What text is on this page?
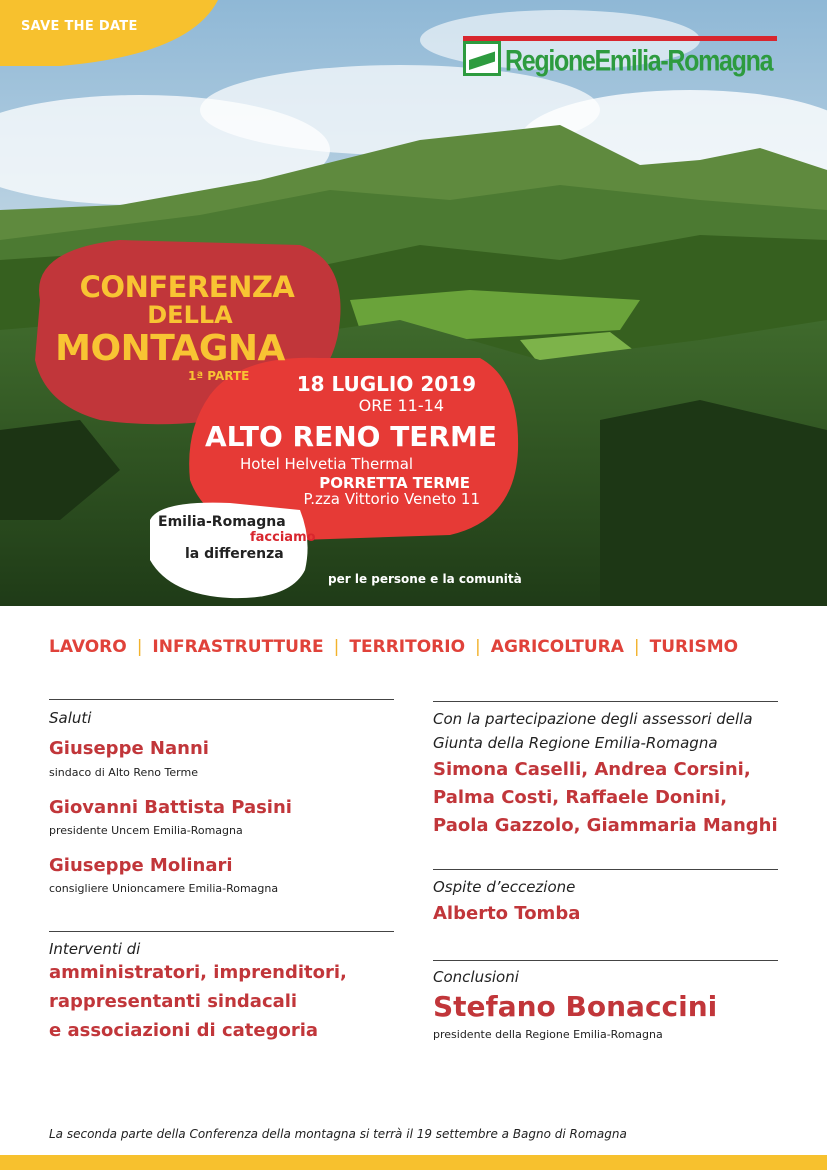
SAVE THE DATE
RegioneEmilia-Romagna
CONFERENZA
DELLA
MONTAGNA
1ª PARTE	18 LUGLIO 2019
ORE 11-14
ALTO RENO TERME
Hotel Helvetia Thermal
PORRETTA TERME
P.zza Vittorio Veneto 11
Emilia-Romagna
facciamo
la differenza
per le persone e la comunità
LAVORO | INFRASTRUTTURE | TERRITORIO | AGRICOLTURA | TURISMO
Saluti
Giuseppe Nanni
sindaco di Alto Reno Terme
Giovanni Battista Pasini
presidente Uncem Emilia-Romagna
Giuseppe Molinari
consigliere Unioncamere Emilia-Romagna
Interventi di
amministratori, imprenditori,
rappresentanti sindacali
e associazioni di categoria
Con la partecipazione degli assessori della
Giunta della Regione Emilia-Romagna
Simona Caselli, Andrea Corsini,
Palma Costi, Raffaele Donini,
Paola Gazzolo, Giammaria Manghi
Ospite d’eccezione
Alberto Tomba
Conclusioni
Stefano Bonaccini
presidente della Regione Emilia-Romagna
La seconda parte della Conferenza della montagna si terrà il 19 settembre a Bagno di Romagna
